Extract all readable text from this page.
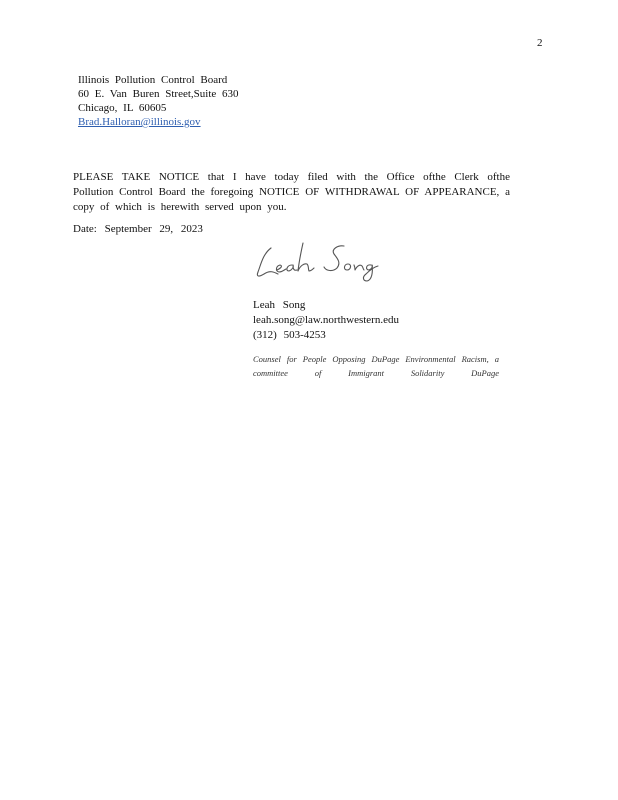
2
Illinois Pollution Control Board
60 E. Van Buren Street,Suite 630
Chicago, IL 60605
Brad.Halloran@illinois.gov

PLEASE TAKE NOTICE that I have today filed with the Office ofthe Clerk ofthe Pollution Control Board the foregoing NOTICE OF WITHDRAWAL OF APPEARANCE, a copy of which is herewith served upon you.

Date: September 29, 2023
Leah Song
leah.song@law.northwestern.edu
(312) 503-4253

Counsel for People Opposing DuPage Environmental Racism, a committee of Immigrant Solidarity DuPage
